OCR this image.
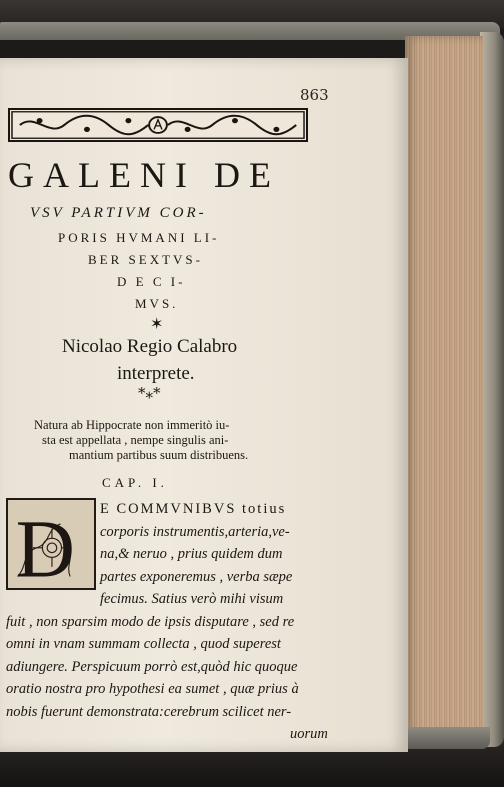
863
GALENI DE
VSV PARTIVM COR-
PORIS HVMANI LI-
BER SEXTVS-
D E C I-
MVS.
✶
Nicolao Regio Calabro
interprete.
*⁎*
Natura ab Hippocrate non immeritò iu-
sta est appellata , nempe singulis ani-
mantium partibus suum distribuens.
CAP. I.
D E COMMVNIBVS totius
corporis instrumentis,arteria,ve-
na,& neruo , prius quidem dum
partes exponeremus , verba sæpe
fecimus. Satius verò mihi visum
fuit , non sparsim modo de ipsis disputare , sed re
omni in vnam summam collecta , quod superest
adiungere. Perspicuum porrò est,quòd hic quoque
oratio nostra pro hypothesi ea sumet , quæ prius à
nobis fuerunt demonstrata:cerebrum scilicet ner-
uorum
